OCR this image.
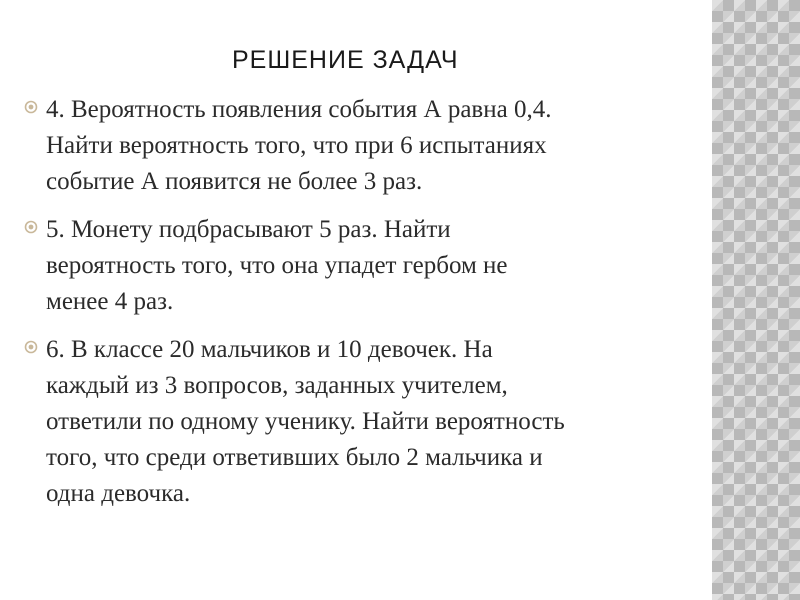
РЕШЕНИЕ ЗАДАЧ
4. Вероятность появления события А равна 0,4.
Найти вероятность того, что при 6 испытаниях
событие А появится не более 3 раз.
5. Монету подбрасывают 5 раз. Найти
вероятность того, что она упадет гербом не
менее 4 раз.
6. В классе 20 мальчиков и 10 девочек. На
каждый из 3 вопросов, заданных учителем,
ответили по одному ученику. Найти вероятность
того, что среди ответивших было 2 мальчика и
одна девочка.
